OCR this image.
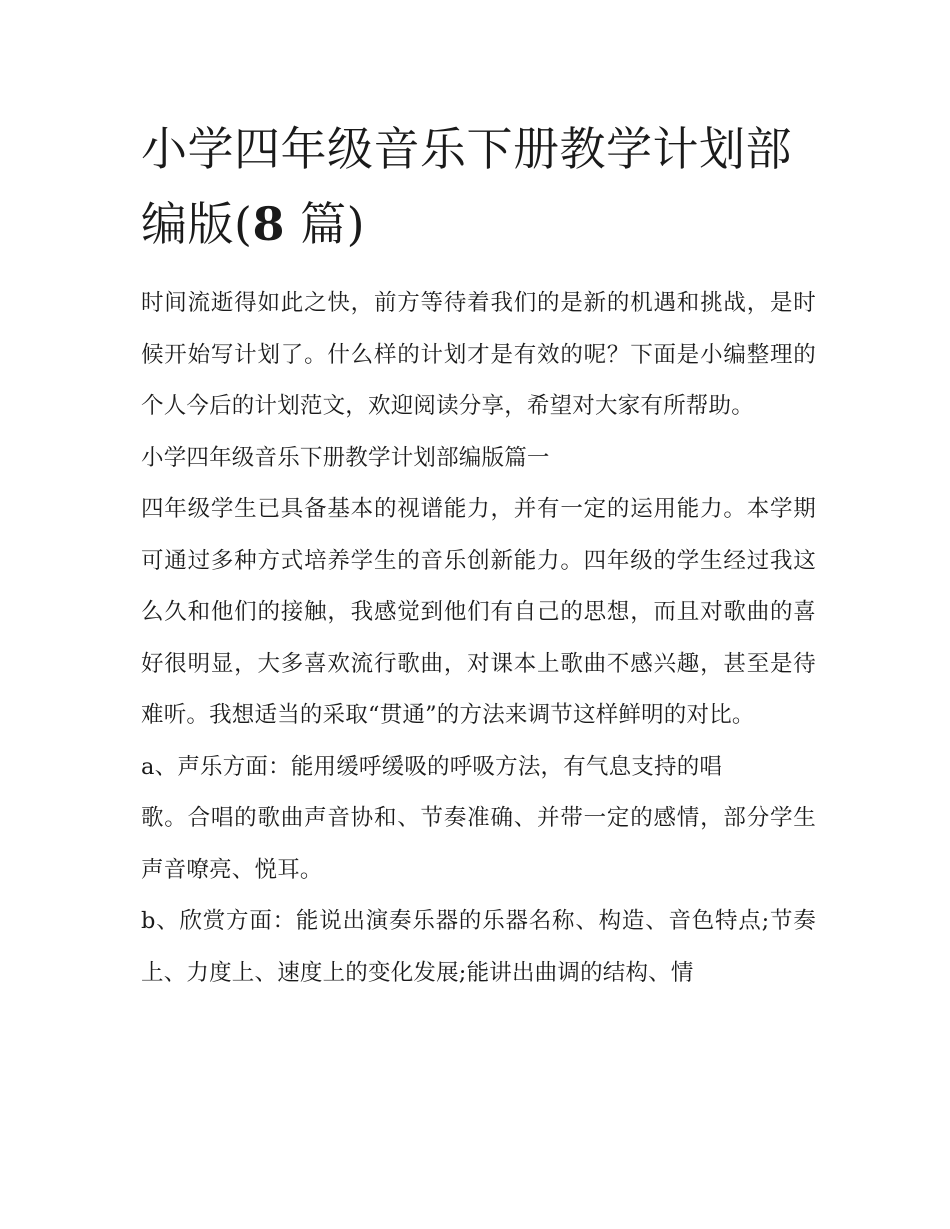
小学四年级音乐下册教学计划部编版(8 篇)

时间流逝得如此之快，前方等待着我们的是新的机遇和挑战，是时候开始写计划了。什么样的计划才是有效的呢？下面是小编整理的个人今后的计划范文，欢迎阅读分享，希望对大家有所帮助。

小学四年级音乐下册教学计划部编版篇一

四年级学生已具备基本的视谱能力，并有一定的运用能力。本学期可通过多种方式培养学生的音乐创新能力。四年级的学生经过我这么久和他们的接触，我感觉到他们有自己的思想，而且对歌曲的喜好很明显，大多喜欢流行歌曲，对课本上歌曲不感兴趣，甚至是待难听。我想适当的采取“贯通”的方法来调节这样鲜明的对比。

a、声乐方面：能用缓呼缓吸的呼吸方法，有气息支持的唱
歌。合唱的歌曲声音协和、节奏准确、并带一定的感情，部分学生声音嘹亮、悦耳。

b、欣赏方面：能说出演奏乐器的乐器名称、构造、音色特点;节奏上、力度上、速度上的变化发展;能讲出曲调的结构、情
